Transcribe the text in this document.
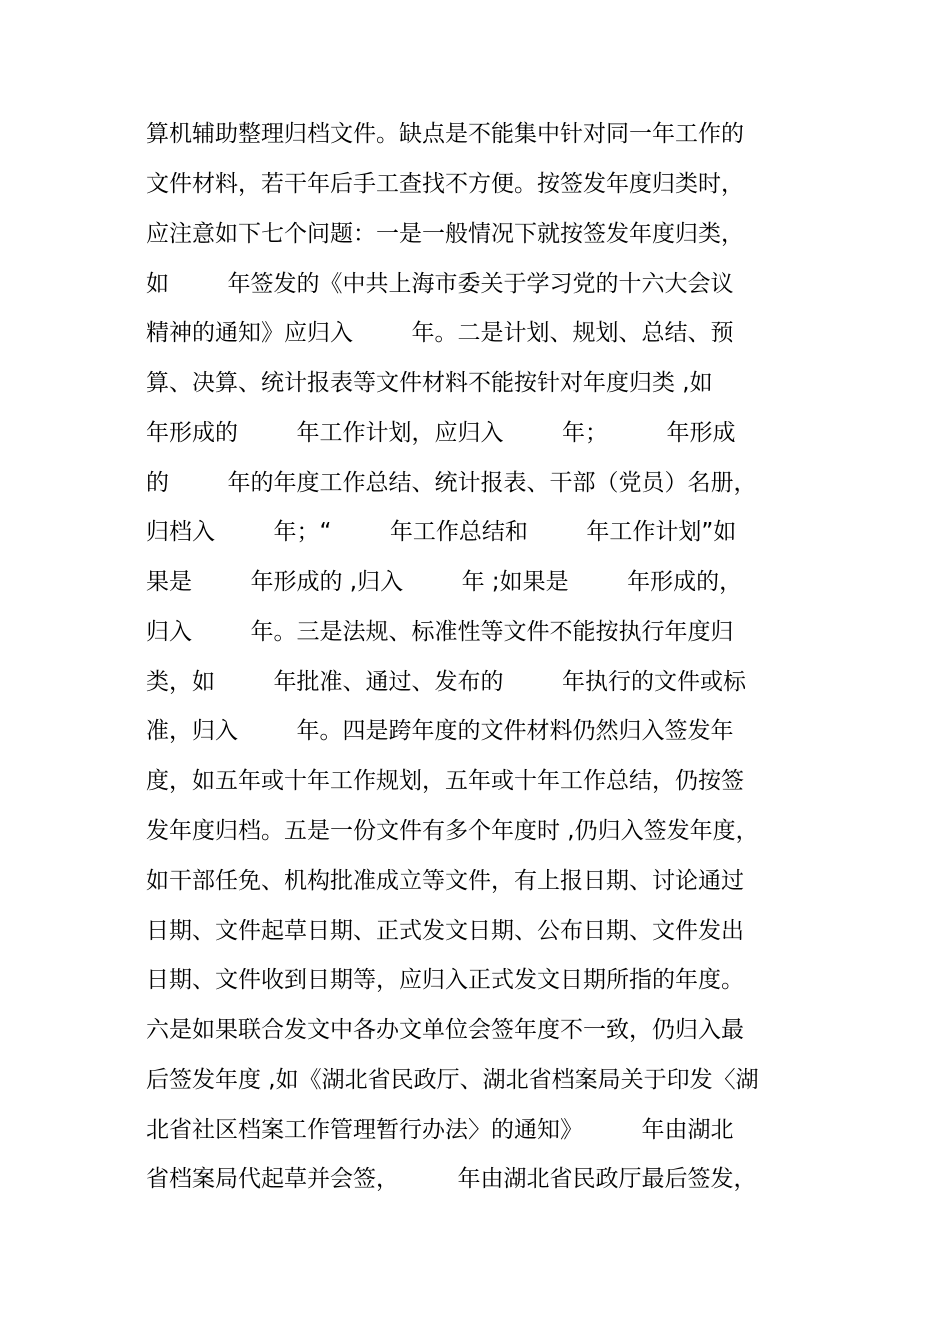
算机辅助整理归档文件。缺点是不能集中针对同一年工作的
文件材料，若干年后手工查找不方便。按签发年度归类时，
应注意如下七个问题：一是一般情况下就按签发年度归类，
如        年签发的《中共上海市委关于学习党的十六大会议
精神的通知》应归入        年。二是计划、规划、总结、预
算、决算、统计报表等文件材料不能按针对年度归类 ,如
年形成的        年工作计划，应归入        年；        年形成
的        年的年度工作总结、统计报表、干部（党员）名册，
归档入        年；“        年工作总结和        年工作计划”如
果是        年形成的 ,归入        年 ;如果是        年形成的，
归入        年。三是法规、标准性等文件不能按执行年度归
类，如        年批准、通过、发布的        年执行的文件或标
准，归入        年。四是跨年度的文件材料仍然归入签发年
度，如五年或十年工作规划，五年或十年工作总结，仍按签
发年度归档。五是一份文件有多个年度时 ,仍归入签发年度，
如干部任免、机构批准成立等文件，有上报日期、讨论通过
日期、文件起草日期、正式发文日期、公布日期、文件发出
日期、文件收到日期等，应归入正式发文日期所指的年度。
六是如果联合发文中各办文单位会签年度不一致，仍归入最
后签发年度 ,如《湖北省民政厅、湖北省档案局关于印发〈湖
北省社区档案工作管理暂行办法〉的通知》        年由湖北
省档案局代起草并会签，        年由湖北省民政厅最后签发，
